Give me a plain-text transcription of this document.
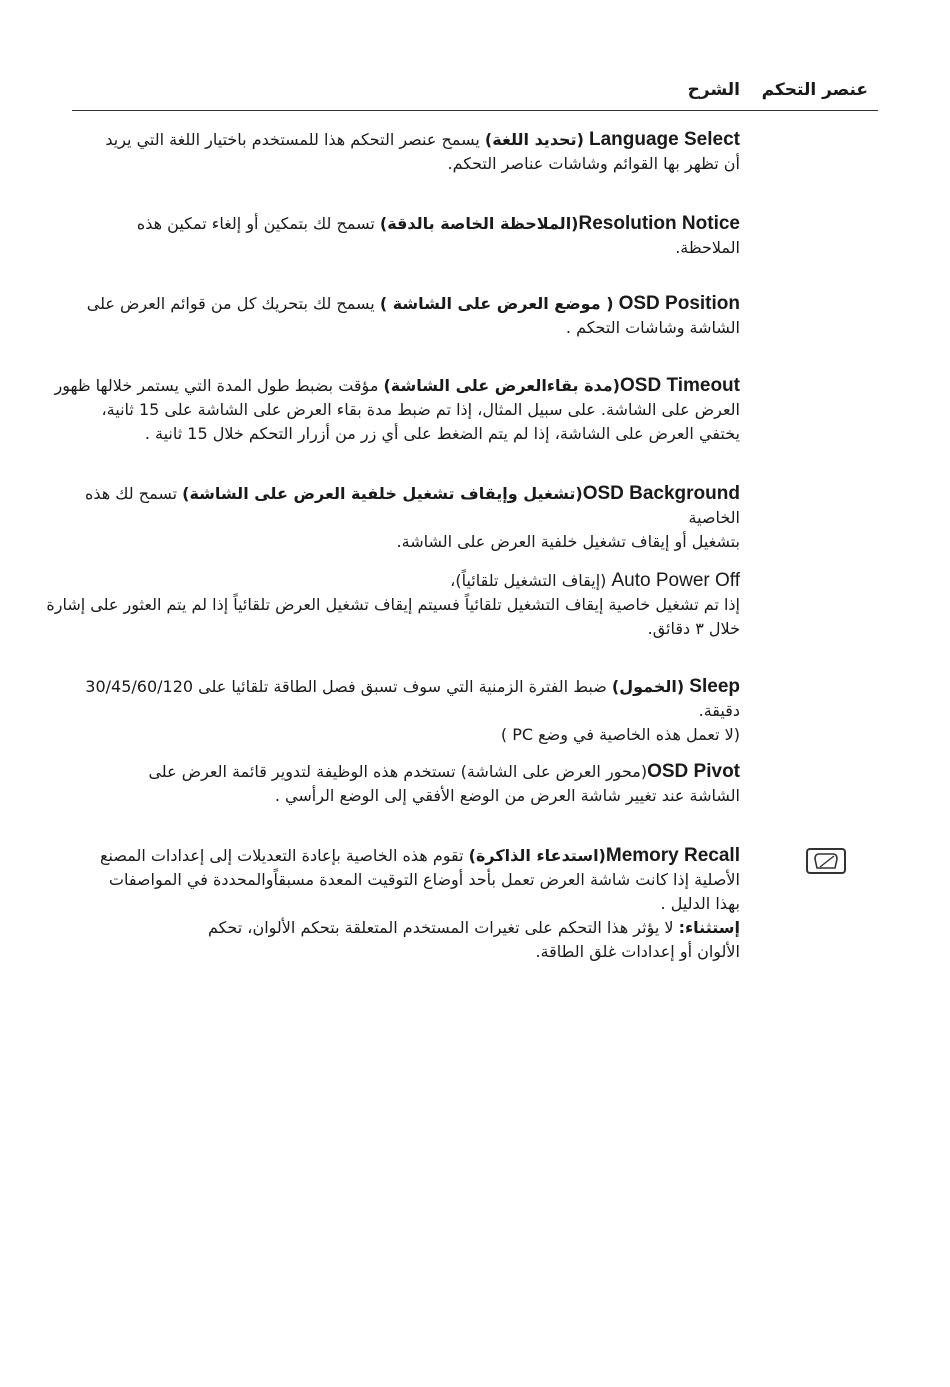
عنصر التحكم
الشرح

Language Select (تحديد اللغة) يسمح عنصر التحكم هذا للمستخدم باختيار اللغة التي يريد

أن تظهر بها القوائم وشاشات عناصر التحكم.

Resolution Notice(الملاحظة الخاصة بالدقة) تسمح لك بتمكين أو إلغاء تمكين هذه

الملاحظة.

OSD Position ( موضع العرض على الشاشة ) يسمح لك بتحريك كل من قوائم العرض على

الشاشة وشاشات التحكم .

OSD Timeout(مدة بقاءالعرض على الشاشة) مؤقت بضبط طول المدة التي يستمر خلالها ظهور

العرض على الشاشة. على سبيل المثال، إذا تم ضبط مدة بقاء العرض على الشاشة على 15 ثانية،

يختفي العرض على الشاشة، إذا لم يتم الضغط على أي زر من أزرار التحكم خلال 15 ثانية .

OSD Background(تشغيل وإيقاف تشغيل خلفية العرض على الشاشة) تسمح لك هذه الخاصية

بتشغيل أو إيقاف تشغيل خلفية العرض على الشاشة.

Auto Power Off (إيقاف التشغيل تلقائياً)،

إذا تم تشغيل خاصية إيقاف التشغيل تلقائياً فسيتم إيقاف تشغيل العرض تلقائياً إذا لم يتم العثور على إشارة

خلال ٣ دقائق.

Sleep (الخمول) ضبط الفترة الزمنية التي سوف تسبق فصل الطاقة تلقائيا على 30/45/60/120 دقيقة.

(لا تعمل هذه الخاصية في وضع PC )

OSD Pivot(محور العرض على الشاشة) تستخدم هذه الوظيفة لتدوير قائمة العرض على

الشاشة عند تغيير شاشة العرض من الوضع الأفقي إلى الوضع الرأسي .

Memory Recall(استدعاء الذاكرة) تقوم هذه الخاصية بإعادة التعديلات إلى إعدادات المصنع

الأصلية إذا كانت شاشة العرض تعمل بأحد أوضاع التوقيت المعدة مسبقاًوالمحددة في المواصفات

بهذا الدليل .

إستثناء: لا يؤثر هذا التحكم على تغيرات المستخدم المتعلقة بتحكم الألوان، تحكم

الألوان أو إعدادات غلق الطاقة.
